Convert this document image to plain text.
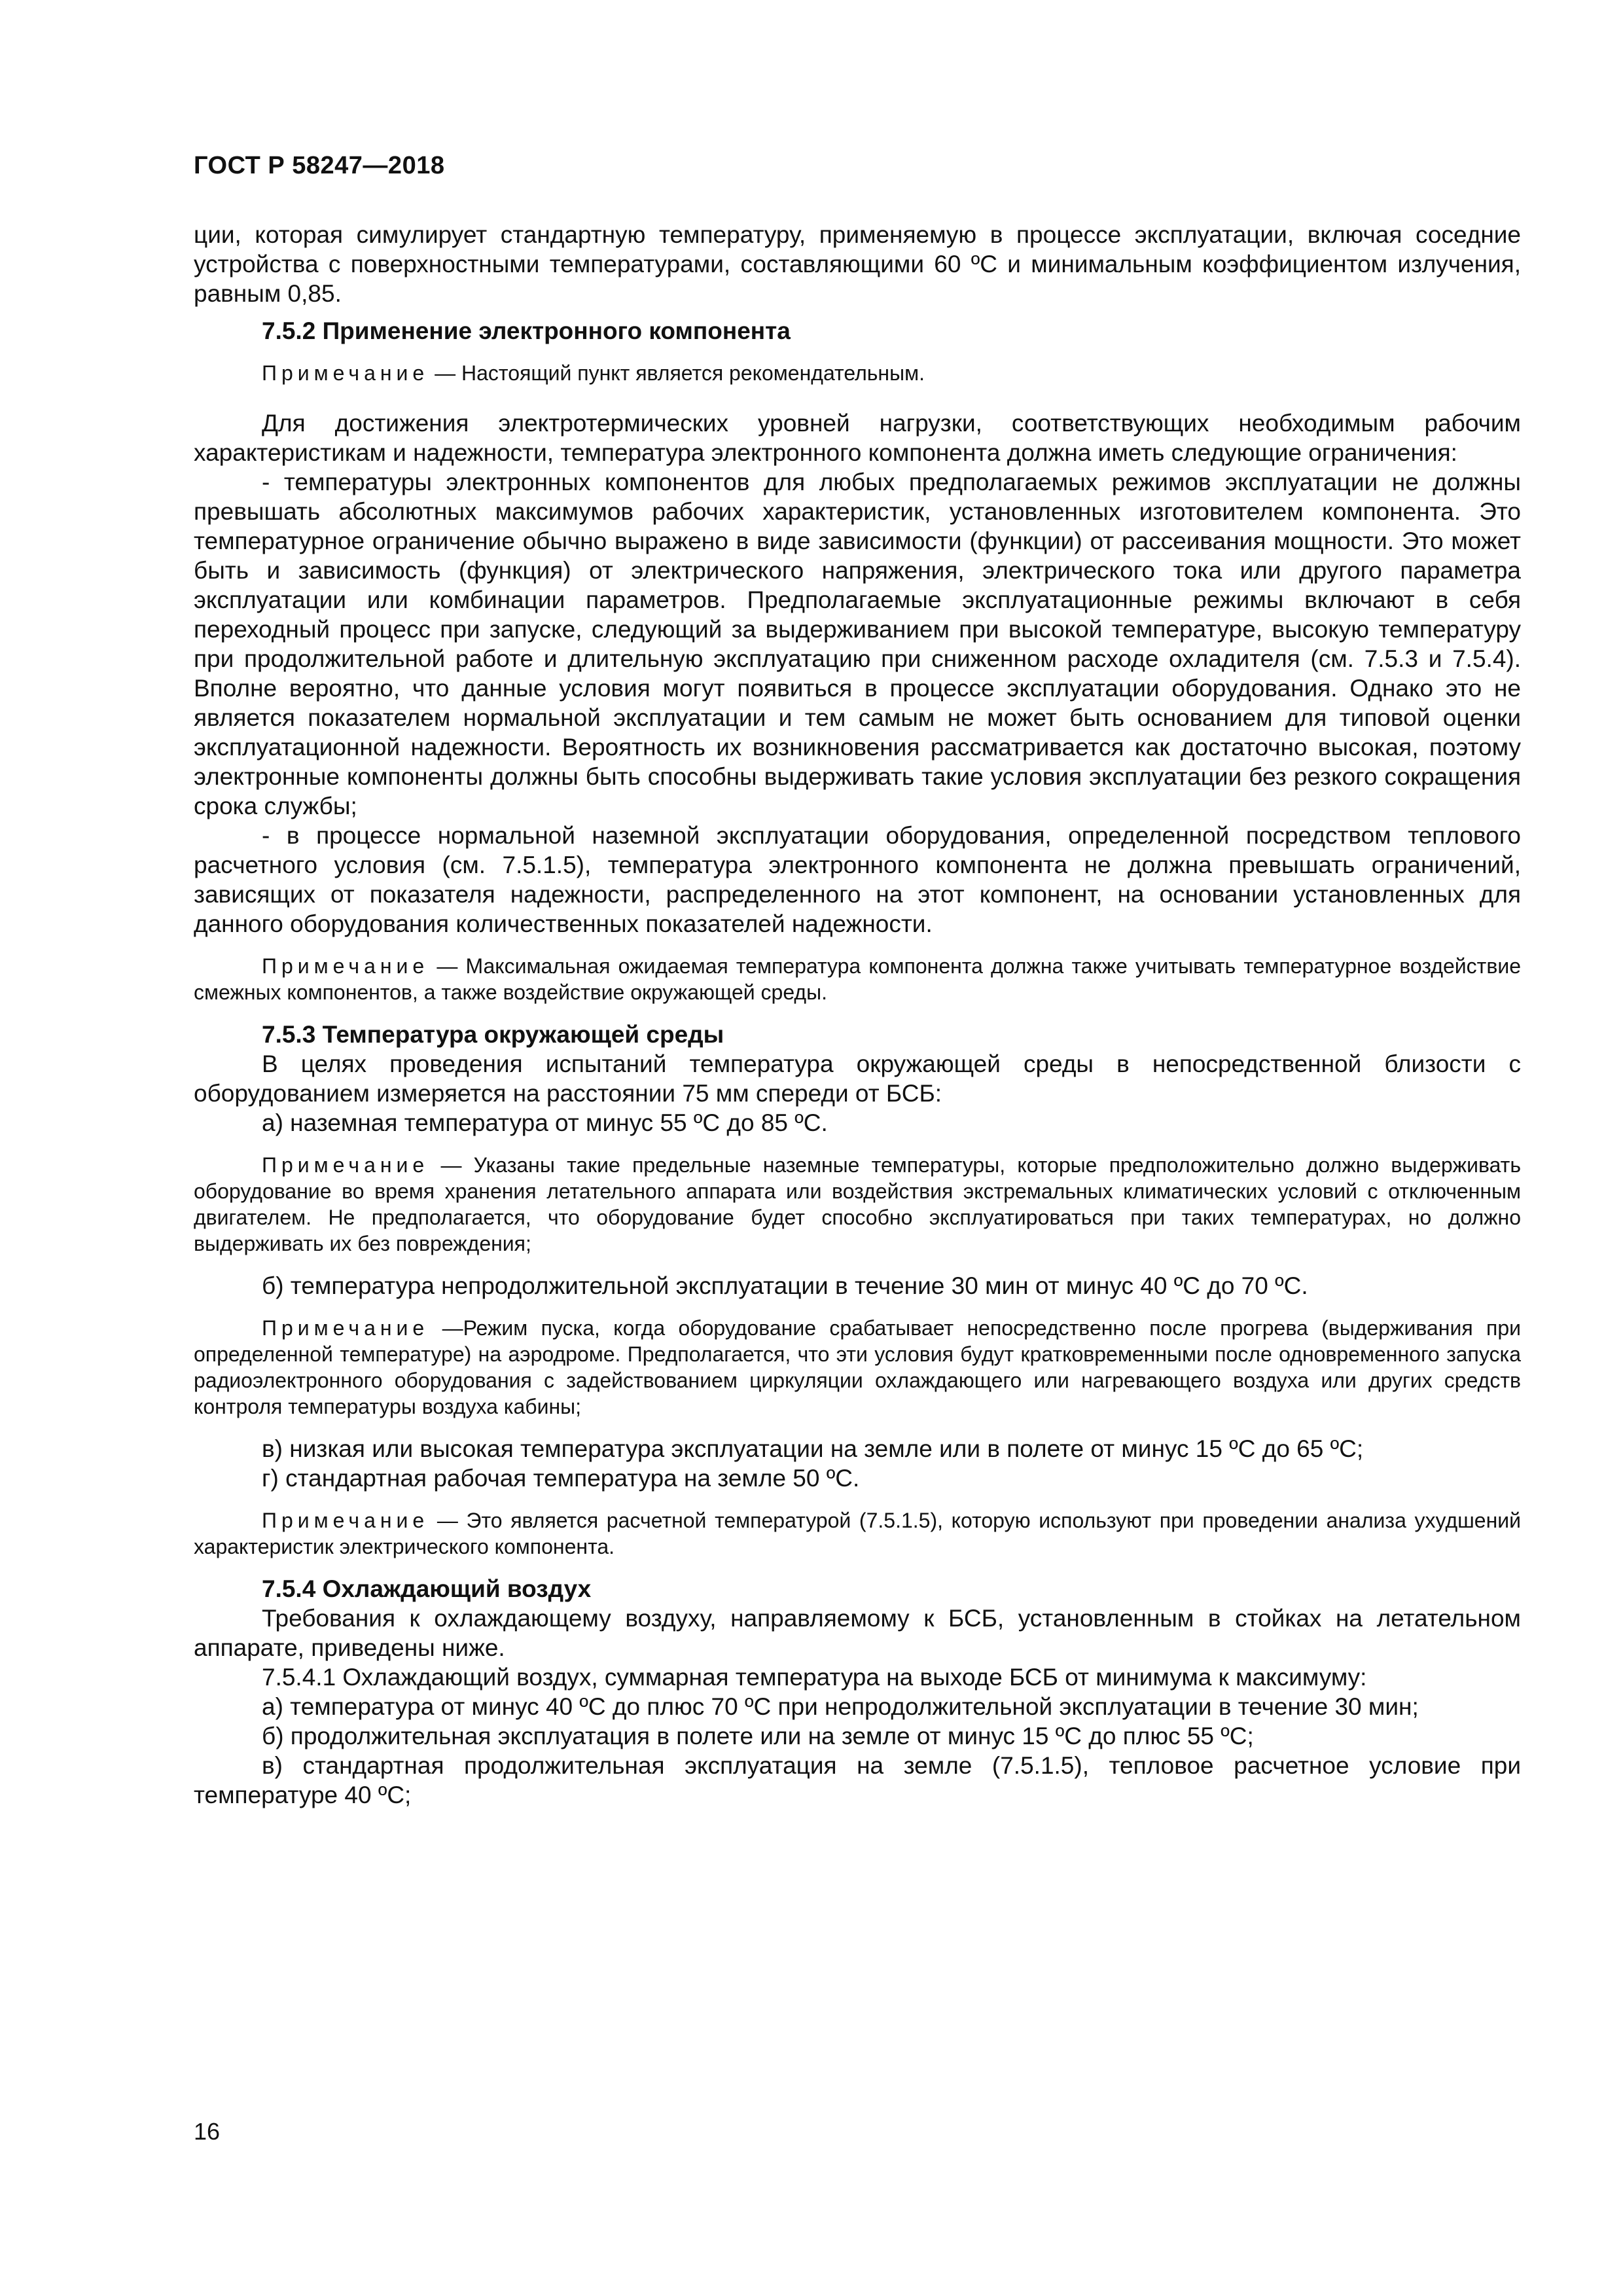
ГОСТ Р 58247—2018

ции, которая симулирует стандартную температуру, применяемую в процессе эксплуатации, включая соседние устройства с поверхностными температурами, составляющими 60 ºС и минимальным коэффициентом излучения, равным 0,85.

7.5.2 Применение электронного компонента

Примечание — Настоящий пункт является рекомендательным.

Для достижения электротермических уровней нагрузки, соответствующих необходимым рабочим характеристикам и надежности, температура электронного компонента должна иметь следующие ограничения:

- температуры электронных компонентов для любых предполагаемых режимов эксплуатации не должны превышать абсолютных максимумов рабочих характеристик, установленных изготовителем компонента. Это температурное ограничение обычно выражено в виде зависимости (функции) от рассеивания мощности. Это может быть и зависимость (функция) от электрического напряжения, электрического тока или другого параметра эксплуатации или комбинации параметров. Предполагаемые эксплуатационные режимы включают в себя переходный процесс при запуске, следующий за выдерживанием при высокой температуре, высокую температуру при продолжительной работе и длительную эксплуатацию при сниженном расходе охладителя (см. 7.5.3 и 7.5.4). Вполне вероятно, что данные условия могут появиться в процессе эксплуатации оборудования. Однако это не является показателем нормальной эксплуатации и тем самым не может быть основанием для типовой оценки эксплуатационной надежности. Вероятность их возникновения рассматривается как достаточно высокая, поэтому электронные компоненты должны быть способны выдерживать такие условия эксплуатации без резкого сокращения срока службы;

- в процессе нормальной наземной эксплуатации оборудования, определенной посредством теплового расчетного условия (см. 7.5.1.5), температура электронного компонента не должна превышать ограничений, зависящих от показателя надежности, распределенного на этот компонент, на основании установленных для данного оборудования количественных показателей надежности.

Примечание — Максимальная ожидаемая температура компонента должна также учитывать температурное воздействие смежных компонентов, а также воздействие окружающей среды.

7.5.3 Температура окружающей среды

В целях проведения испытаний температура окружающей среды в непосредственной близости с оборудованием измеряется на расстоянии 75 мм спереди от БСБ:

а) наземная температура от минус 55 ºС до 85 ºС.

Примечание — Указаны такие предельные наземные температуры, которые предположительно должно выдерживать оборудование во время хранения летательного аппарата или воздействия экстремальных климатических условий с отключенным двигателем. Не предполагается, что оборудование будет способно эксплуатироваться при таких температурах, но должно выдерживать их без повреждения;

б) температура непродолжительной эксплуатации в течение 30 мин от минус 40 ºС до 70 ºС.

Примечание —Режим пуска, когда оборудование срабатывает непосредственно после прогрева (выдерживания при определенной температуре) на аэродроме. Предполагается, что эти условия будут кратковременными после одновременного запуска радиоэлектронного оборудования с задействованием циркуляции охлаждающего или нагревающего воздуха или других средств контроля температуры воздуха кабины;

в) низкая или высокая температура эксплуатации на земле или в полете от минус 15 ºС до 65 ºС;

г) стандартная рабочая температура на земле 50 ºС.

Примечание — Это является расчетной температурой (7.5.1.5), которую используют при проведении анализа ухудшений характеристик электрического компонента.

7.5.4 Охлаждающий воздух

Требования к охлаждающему воздуху, направляемому к БСБ, установленным в стойках на летательном аппарате, приведены ниже.

7.5.4.1 Охлаждающий воздух, суммарная температура на выходе БСБ от минимума к максимуму:

а) температура от минус 40 ºС до плюс 70 ºС при непродолжительной эксплуатации в течение 30 мин;

б) продолжительная эксплуатация в полете или на земле от минус 15 ºС до плюс 55 ºС;

в) стандартная продолжительная эксплуатация на земле (7.5.1.5), тепловое расчетное условие при температуре 40 ºС;

16
